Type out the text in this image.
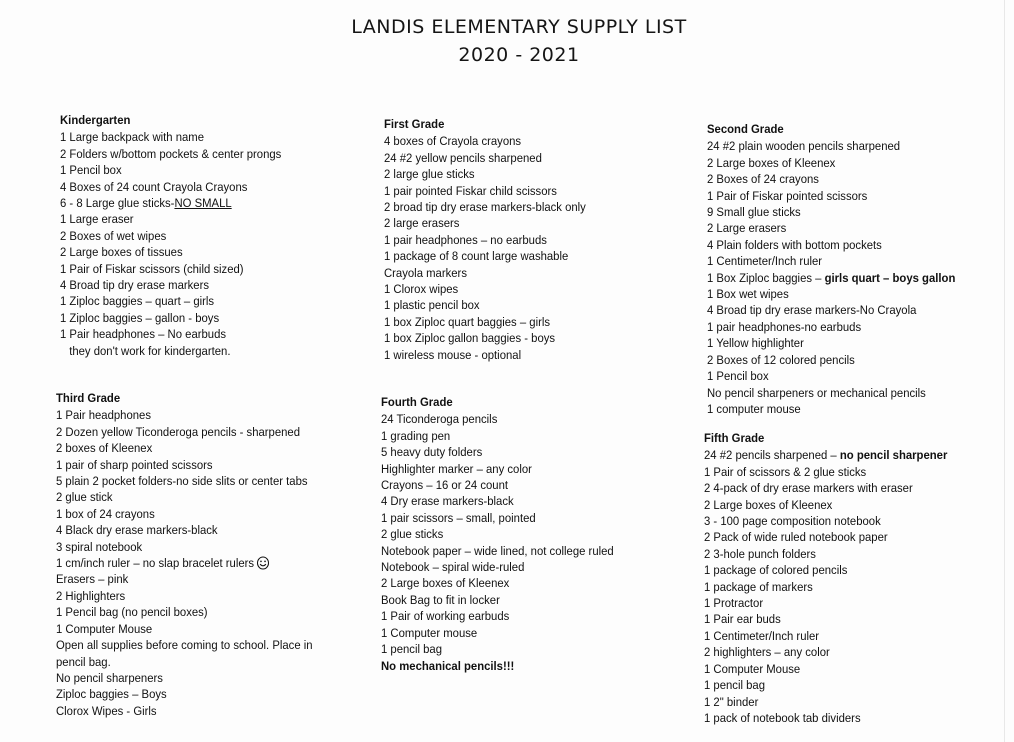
LANDIS ELEMENTARY SUPPLY LIST
2020 - 2021
Kindergarten
1 Large backpack with name
2 Folders w/bottom pockets & center prongs
1 Pencil box
4 Boxes of 24 count Crayola Crayons
6 - 8 Large glue sticks-NO SMALL
1 Large eraser
2 Boxes of wet wipes
2 Large boxes of tissues
1 Pair of Fiskar scissors (child sized)
4 Broad tip dry erase markers
1 Ziploc baggies – quart – girls
1 Ziploc baggies – gallon - boys
1 Pair headphones – No earbuds
they don't work for kindergarten.
Third Grade
1 Pair headphones
2 Dozen yellow Ticonderoga pencils - sharpened
2 boxes of Kleenex
1 pair of sharp pointed scissors
5 plain 2 pocket folders-no side slits or center tabs
2 glue stick
1 box of 24 crayons
4 Black dry erase markers-black
3 spiral notebook
1 cm/inch ruler – no slap bracelet rulers
Erasers – pink
2 Highlighters
1 Pencil bag (no pencil boxes)
1 Computer Mouse
Open all supplies before coming to school. Place in
pencil bag.
No pencil sharpeners
Ziploc baggies – Boys
Clorox Wipes - Girls
First Grade
4 boxes of Crayola crayons
24 #2 yellow pencils sharpened
2 large glue sticks
1 pair pointed Fiskar child scissors
2 broad tip dry erase markers-black only
2 large erasers
1 pair headphones – no earbuds
1 package of 8 count large washable
Crayola markers
1 Clorox wipes
1 plastic pencil box
1 box Ziploc quart baggies – girls
1 box Ziploc gallon baggies - boys
1 wireless mouse - optional
Fourth Grade
24 Ticonderoga pencils
1 grading pen
5 heavy duty folders
Highlighter marker – any color
Crayons – 16 or 24 count
4 Dry erase markers-black
1 pair scissors – small, pointed
2 glue sticks
Notebook paper – wide lined, not college ruled
Notebook – spiral wide-ruled
2 Large boxes of Kleenex
Book Bag to fit in locker
1 Pair of working earbuds
1 Computer mouse
1 pencil bag
No mechanical pencils!!!
Second Grade
24 #2 plain wooden pencils sharpened
2 Large boxes of Kleenex
2 Boxes of 24 crayons
1 Pair of Fiskar pointed scissors
9 Small glue sticks
2 Large erasers
4 Plain folders with bottom pockets
1 Centimeter/Inch ruler
1 Box Ziploc baggies – girls quart – boys gallon
1 Box wet wipes
4 Broad tip dry erase markers-No Crayola
1 pair headphones-no earbuds
1 Yellow highlighter
2 Boxes of 12 colored pencils
1 Pencil box
No pencil sharpeners or mechanical pencils
1 computer mouse
Fifth Grade
24 #2 pencils sharpened – no pencil sharpener
1 Pair of scissors & 2 glue sticks
2 4-pack of dry erase markers with eraser
2 Large boxes of Kleenex
3 - 100 page composition notebook
2 Pack of wide ruled notebook paper
2 3-hole punch folders
1 package of colored pencils
1 package of markers
1 Protractor
1 Pair ear buds
1 Centimeter/Inch ruler
2 highlighters – any color
1 Computer Mouse
1 pencil bag
1 2" binder
1 pack of notebook tab dividers
